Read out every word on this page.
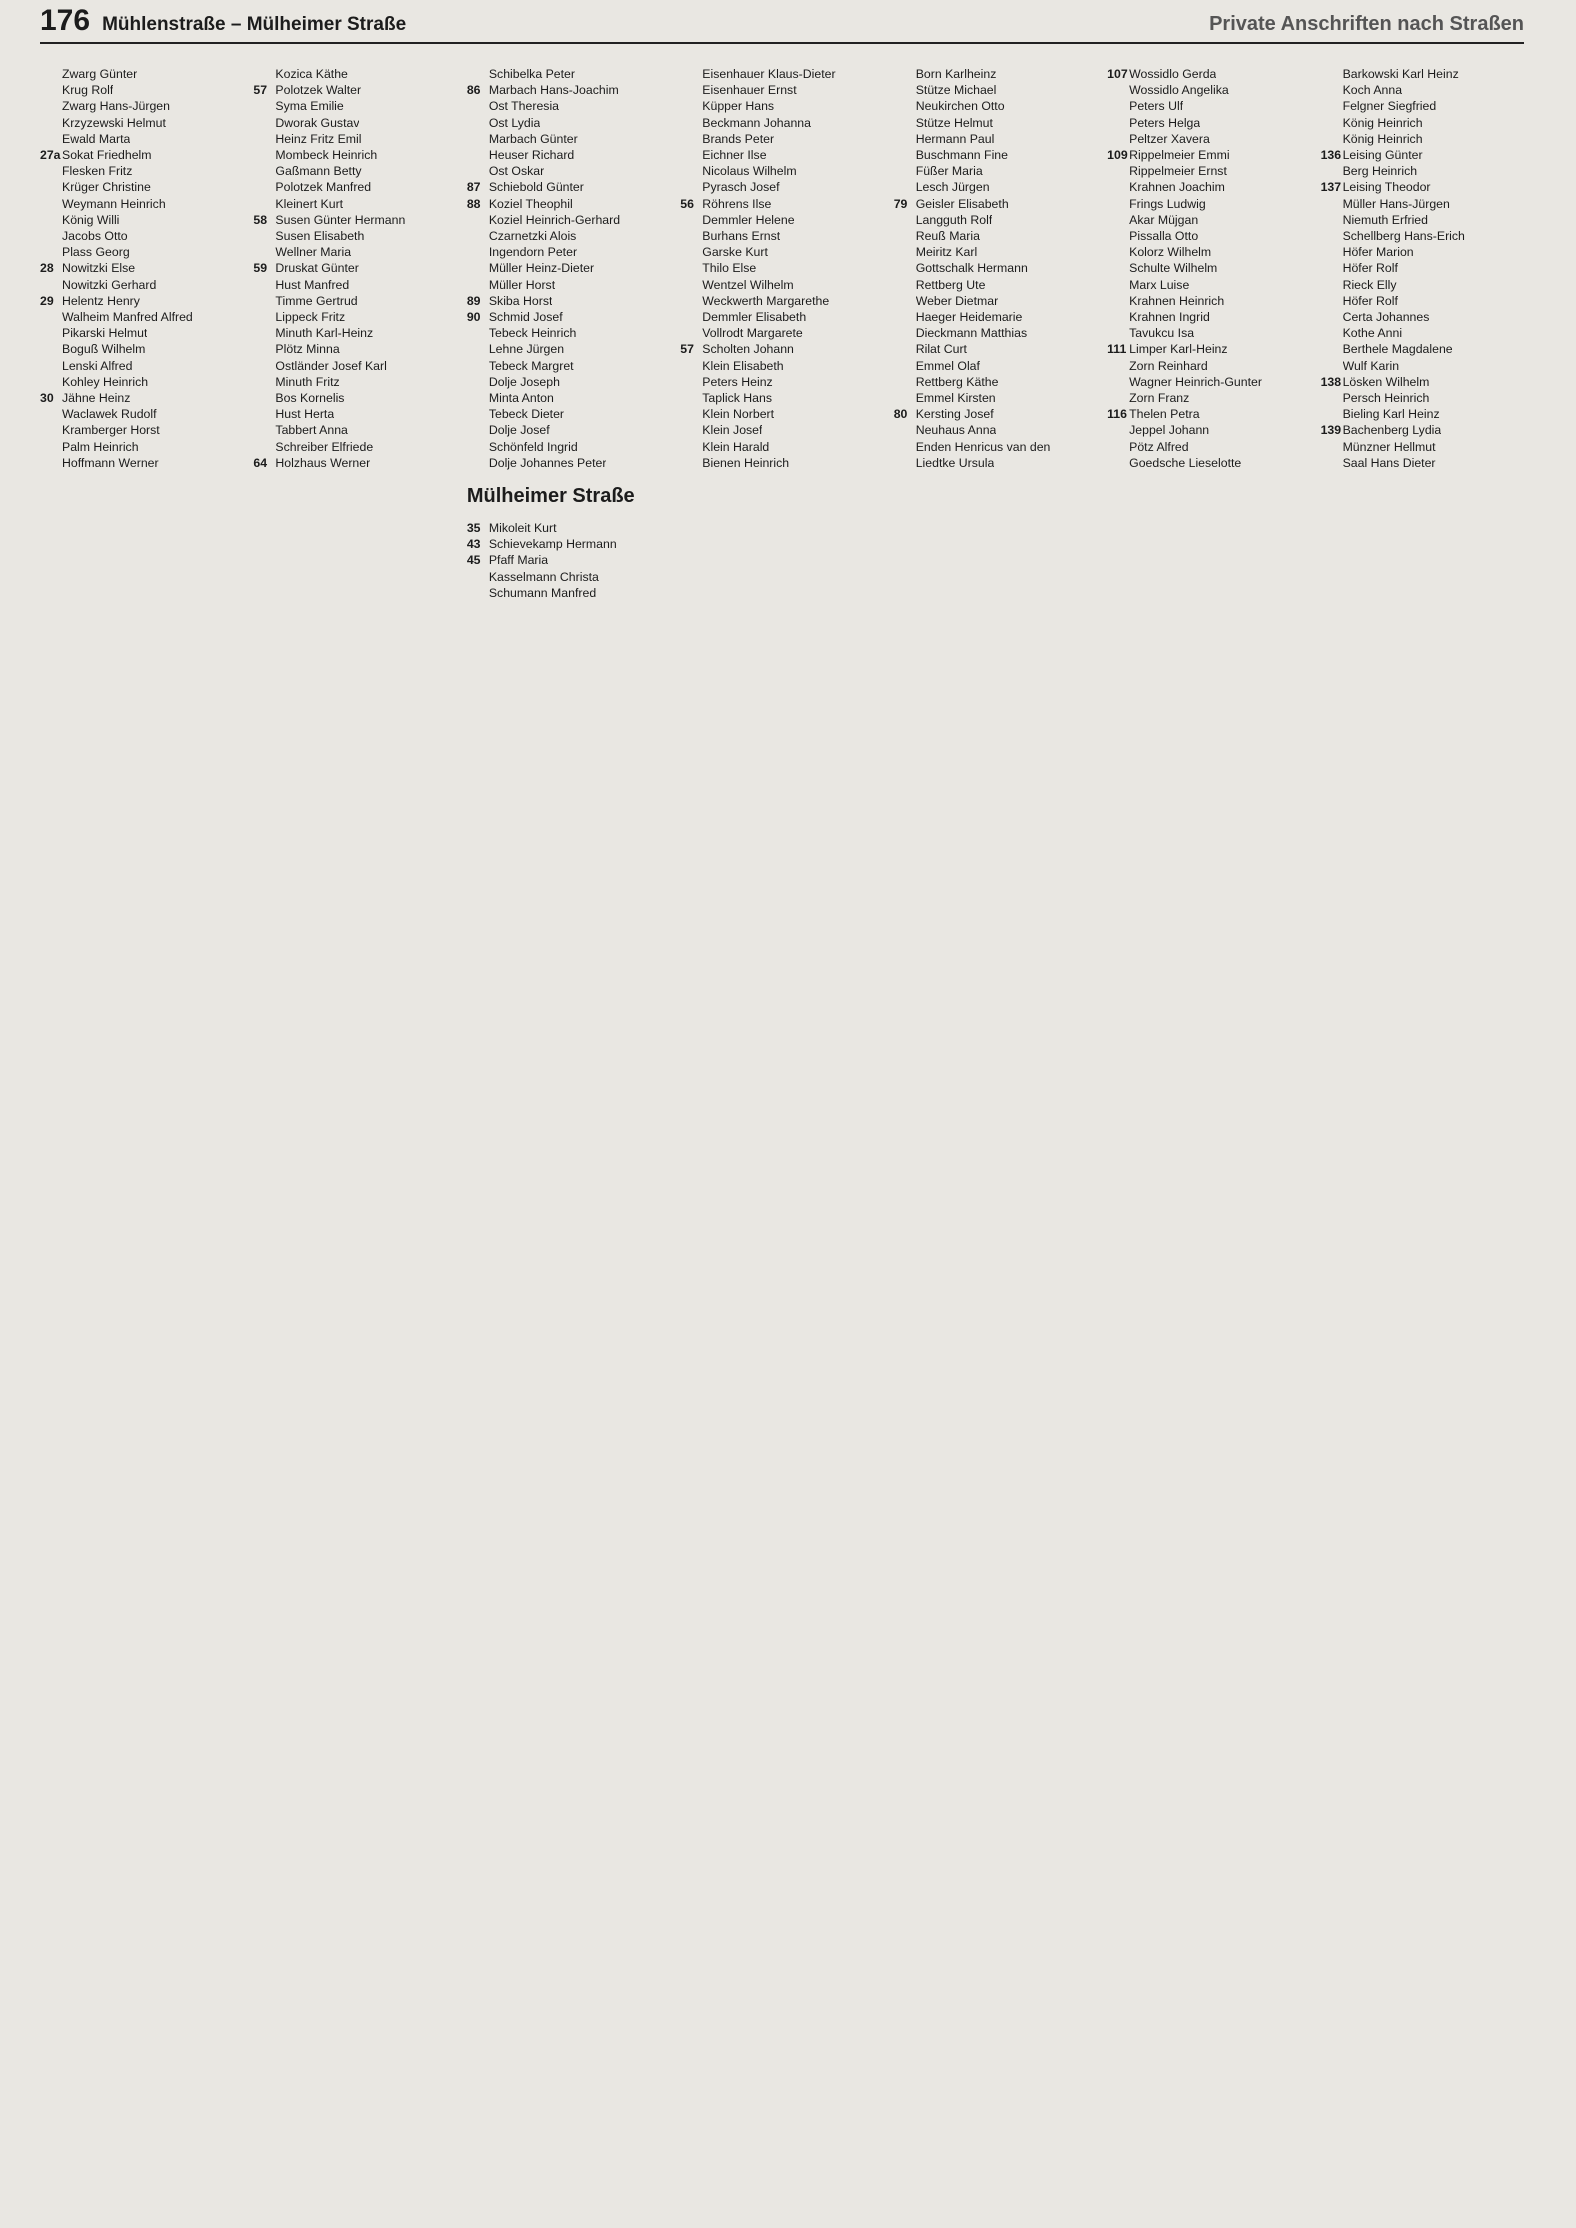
176 Mühlenstraße – Mülheimer Straße	Private Anschriften nach Straßen
Zwarg Günter
Krug Rolf
Zwarg Hans-Jürgen
Krzyzewski Helmut
Ewald Marta
27a Sokat Friedhelm
Flesken Fritz
Krüger Christine
Weymann Heinrich
König Willi
Jacobs Otto
Plass Georg
28 Nowitzki Else
Nowitzki Gerhard
29 Helentz Henry
Walheim Manfred Alfred
Pikarski Helmut
Boguß Wilhelm
Lenski Alfred
Kohley Heinrich
30 Jähne Heinz
Waclawek Rudolf
Kramberger Horst
Palm Heinrich
Hoffmann Werner
Kozica Käthe
57 Polotzek Walter
Syma Emilie
Dworak Gustav
Heinz Fritz Emil
Mombeck Heinrich
Gaßmann Betty
Polotzek Manfred
Kleinert Kurt
58 Susen Günter Hermann
Susen Elisabeth
Wellner Maria
59 Druskat Günter
Hust Manfred
Timme Gertrud
Lippeck Fritz
Minuth Karl-Heinz
Plötz Minna
Ostländer Josef Karl
Minuth Fritz
Bos Kornelis
Hust Herta
Tabbert Anna
Schreiber Elfriede
64 Holzhaus Werner
Schibelka Peter
86 Marbach Hans-Joachim
Ost Theresia
Ost Lydia
Marbach Günter
Heuser Richard
Ost Oskar
87 Schiebold Günter
88 Koziel Theophil
Koziel Heinrich-Gerhard
Czarnetzki Alois
Ingendorn Peter
Müller Heinz-Dieter
Müller Horst
89 Skiba Horst
90 Schmid Josef
Tebeck Heinrich
Lehne Jürgen
Tebeck Margret
Dolje Joseph
Minta Anton
Tebeck Dieter
Dolje Josef
Schönfeld Ingrid
Dolje Johannes Peter
Mülheimer Straße
35 Mikoleit Kurt
43 Schievekamp Hermann
45 Pfaff Maria
Kasselmann Christa
Schumann Manfred
Eisenhauer Klaus-Dieter
Eisenhauer Ernst
Küpper Hans
Beckmann Johanna
Brands Peter
Eichner Ilse
Nicolaus Wilhelm
Pyrasch Josef
56 Röhrens Ilse
Demmler Helene
Burhans Ernst
Garske Kurt
Thilo Else
Wentzel Wilhelm
Weckwerth Margarethe
Demmler Elisabeth
Vollrodt Margarete
57 Scholten Johann
Klein Elisabeth
Peters Heinz
Taplick Hans
Klein Norbert
Klein Josef
Klein Harald
Bienen Heinrich
Born Karlheinz
Stütze Michael
Neukirchen Otto
Stütze Helmut
Hermann Paul
Buschmann Fine
Füßer Maria
Lesch Jürgen
79 Geisler Elisabeth
Langguth Rolf
Reuß Maria
Meiritz Karl
Gottschalk Hermann
Rettberg Ute
Weber Dietmar
Haeger Heidemarie
Dieckmann Matthias
Rilat Curt
Emmel Olaf
Rettberg Käthe
Emmel Kirsten
80 Kersting Josef
Neuhaus Anna
Enden Henricus van den
Liedtke Ursula
107 Wossidlo Gerda
Wossidlo Angelika
Peters Ulf
Peters Helga
Peltzer Xavera
109 Rippelmeier Emmi
Rippelmeier Ernst
Krahnen Joachim
Frings Ludwig
Akar Müjgan
Pissalla Otto
Kolorz Wilhelm
Schulte Wilhelm
Marx Luise
Krahnen Heinrich
Krahnen Ingrid
Tavukcu Isa
111 Limper Karl-Heinz
Zorn Reinhard
Wagner Heinrich-Gunter
Zorn Franz
116 Thelen Petra
Jeppel Johann
Pötz Alfred
Goedsche Lieselotte
Barkowski Karl Heinz
Koch Anna
Felgner Siegfried
König Heinrich
König Heinrich
136 Leising Günter
Berg Heinrich
137 Leising Theodor
Müller Hans-Jürgen
Niemuth Erfried
Schellberg Hans-Erich
Höfer Marion
Höfer Rolf
Rieck Elly
Höfer Rolf
Certa Johannes
Kothe Anni
Berthele Magdalene
Wulf Karin
138 Lösken Wilhelm
Persch Heinrich
Bieling Karl Heinz
139 Bachenberg Lydia
Münzner Hellmut
Saal Hans Dieter
